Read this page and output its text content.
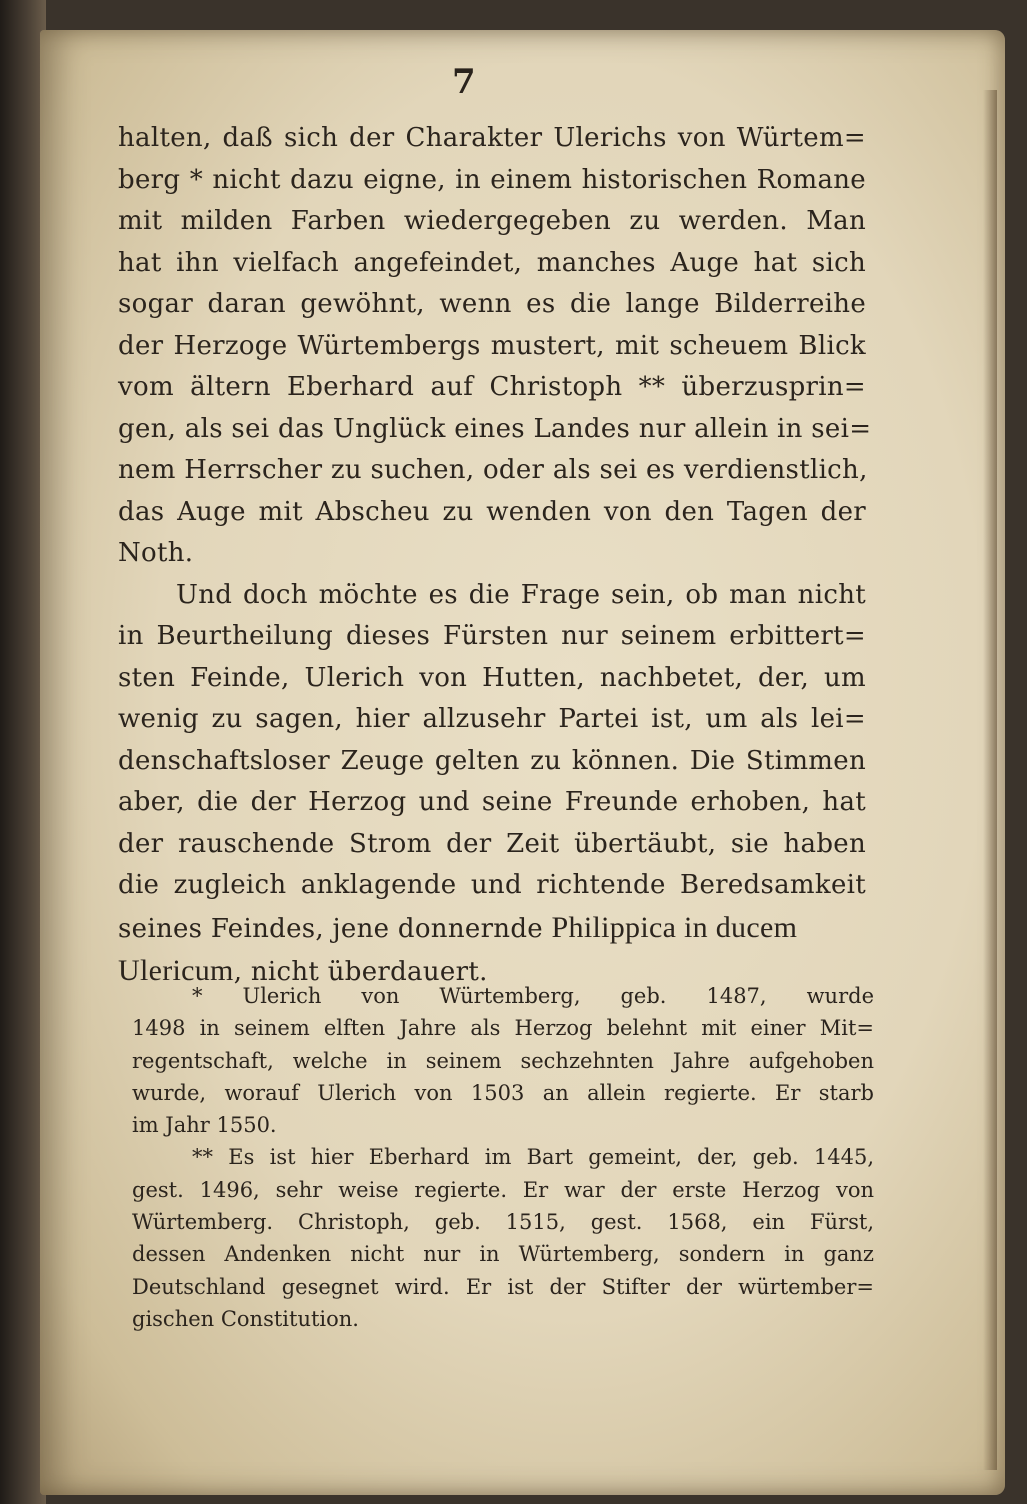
7
halten, daß sich der Charakter Ulerichs von Würtem=
berg * nicht dazu eigne, in einem historischen Romane
mit milden Farben wiedergegeben zu werden. Man
hat ihn vielfach angefeindet, manches Auge hat sich
sogar daran gewöhnt, wenn es die lange Bilderreihe
der Herzoge Würtembergs mustert, mit scheuem Blick
vom ältern Eberhard auf Christoph ** überzusprin=
gen, als sei das Unglück eines Landes nur allein in sei=
nem Herrscher zu suchen, oder als sei es verdienstlich,
das Auge mit Abscheu zu wenden von den Tagen der
Noth.
Und doch möchte es die Frage sein, ob man nicht
in Beurtheilung dieses Fürsten nur seinem erbittert=
sten Feinde, Ulerich von Hutten, nachbetet, der, um
wenig zu sagen, hier allzusehr Partei ist, um als lei=
denschaftsloser Zeuge gelten zu können. Die Stimmen
aber, die der Herzog und seine Freunde erhoben, hat
der rauschende Strom der Zeit übertäubt, sie haben
die zugleich anklagende und richtende Beredsamkeit
seines Feindes, jene donnernde Philippica in ducem
Ulericum, nicht überdauert.
* Ulerich von Würtemberg, geb. 1487, wurde
1498 in seinem elften Jahre als Herzog belehnt mit einer Mit=
regentschaft, welche in seinem sechzehnten Jahre aufgehoben
wurde, worauf Ulerich von 1503 an allein regierte. Er starb
im Jahr 1550.
** Es ist hier Eberhard im Bart gemeint, der, geb. 1445,
gest. 1496, sehr weise regierte. Er war der erste Herzog von
Würtemberg. Christoph, geb. 1515, gest. 1568, ein Fürst,
dessen Andenken nicht nur in Würtemberg, sondern in ganz
Deutschland gesegnet wird. Er ist der Stifter der würtember=
gischen Constitution.
